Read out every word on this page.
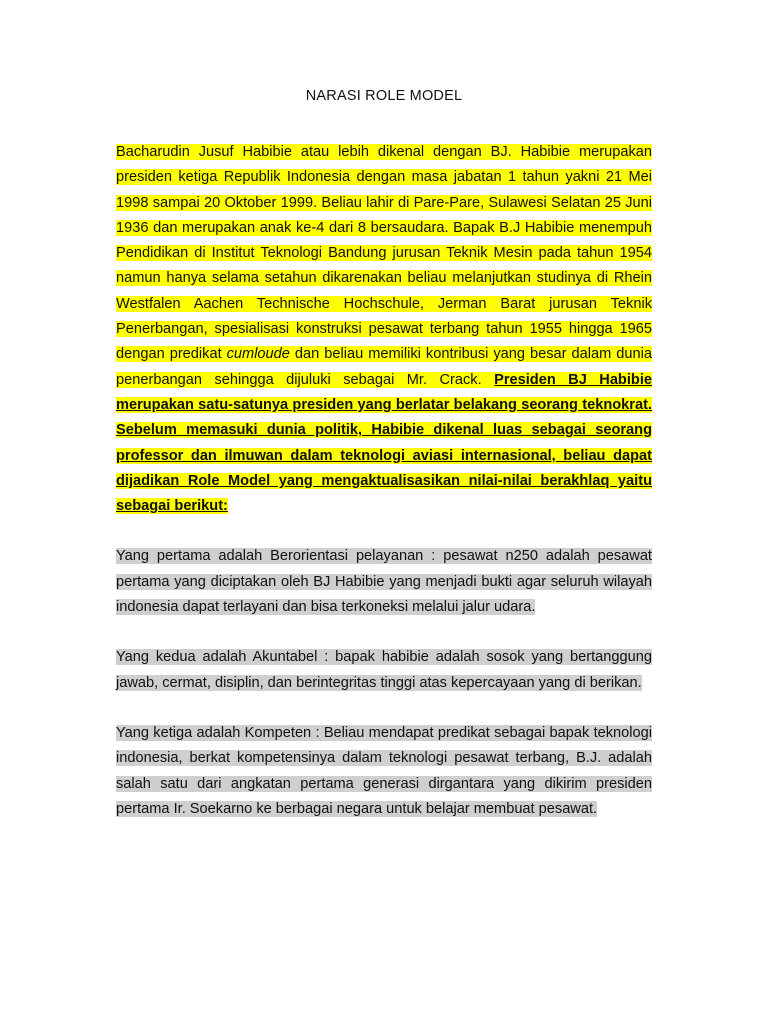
NARASI ROLE MODEL

Bacharudin Jusuf Habibie atau lebih dikenal dengan BJ. Habibie merupakan presiden ketiga Republik Indonesia dengan masa jabatan 1 tahun yakni 21 Mei 1998 sampai 20 Oktober 1999. Beliau lahir di Pare-Pare, Sulawesi Selatan 25 Juni 1936 dan merupakan anak ke-4 dari 8 bersaudara. Bapak B.J Habibie menempuh Pendidikan di Institut Teknologi Bandung jurusan Teknik Mesin pada tahun 1954 namun hanya selama setahun dikarenakan beliau melanjutkan studinya di Rhein Westfalen Aachen Technische Hochschule, Jerman Barat jurusan Teknik Penerbangan, spesialisasi konstruksi pesawat terbang tahun 1955 hingga 1965 dengan predikat cumloude dan beliau memiliki kontribusi yang besar dalam dunia penerbangan sehingga dijuluki sebagai Mr. Crack. Presiden BJ Habibie merupakan satu-satunya presiden yang berlatar belakang seorang teknokrat. Sebelum memasuki dunia politik, Habibie dikenal luas sebagai seorang professor dan ilmuwan dalam teknologi aviasi internasional, beliau dapat dijadikan Role Model yang mengaktualisasikan nilai-nilai berakhlaq yaitu sebagai berikut:

Yang pertama adalah Berorientasi pelayanan : pesawat n250 adalah pesawat pertama yang diciptakan oleh BJ Habibie yang menjadi bukti agar seluruh wilayah indonesia dapat terlayani dan bisa terkoneksi melalui jalur udara.

Yang kedua adalah Akuntabel : bapak habibie adalah sosok yang bertanggung jawab, cermat, disiplin, dan berintegritas tinggi atas kepercayaan yang di berikan.

Yang ketiga adalah Kompeten : Beliau mendapat predikat sebagai bapak teknologi indonesia, berkat kompetensinya dalam teknologi pesawat terbang, B.J. adalah salah satu dari angkatan pertama generasi dirgantara yang dikirim presiden pertama Ir. Soekarno ke berbagai negara untuk belajar membuat pesawat.
